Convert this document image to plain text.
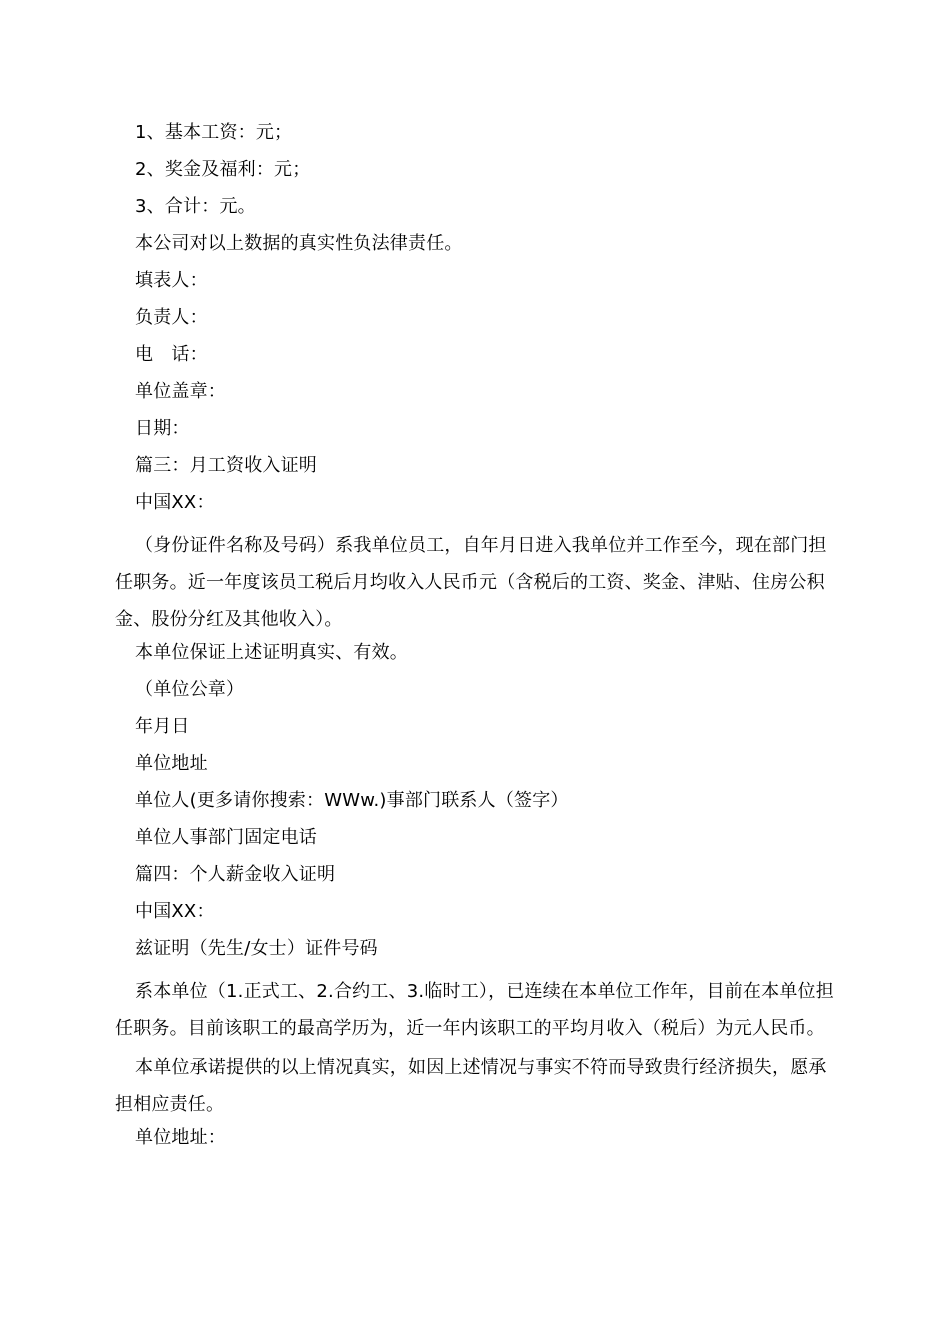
1、基本工资：元；

2、奖金及福利：元；

3、合计：元。

本公司对以上数据的真实性负法律责任。

填表人：

负责人：

电　话：

单位盖章：

日期：

篇三：月工资收入证明

中国XX：

（身份证件名称及号码）系我单位员工，自年月日进入我单位并工作至今，现在部门担任职务。近一年度该员工税后月均收入人民币元（含税后的工资、奖金、津贴、住房公积金、股份分红及其他收入）。

本单位保证上述证明真实、有效。

（单位公章）

年月日

单位地址

单位人(更多请你搜索：WWw.)事部门联系人（签字）

单位人事部门固定电话

篇四：个人薪金收入证明

中国XX：

兹证明（先生/女士）证件号码

系本单位（1.正式工、2.合约工、3.临时工），已连续在本单位工作年，目前在本单位担任职务。目前该职工的最高学历为，近一年内该职工的平均月收入（税后）为元人民币。

本单位承诺提供的以上情况真实，如因上述情况与事实不符而导致贵行经济损失，愿承担相应责任。

单位地址：
